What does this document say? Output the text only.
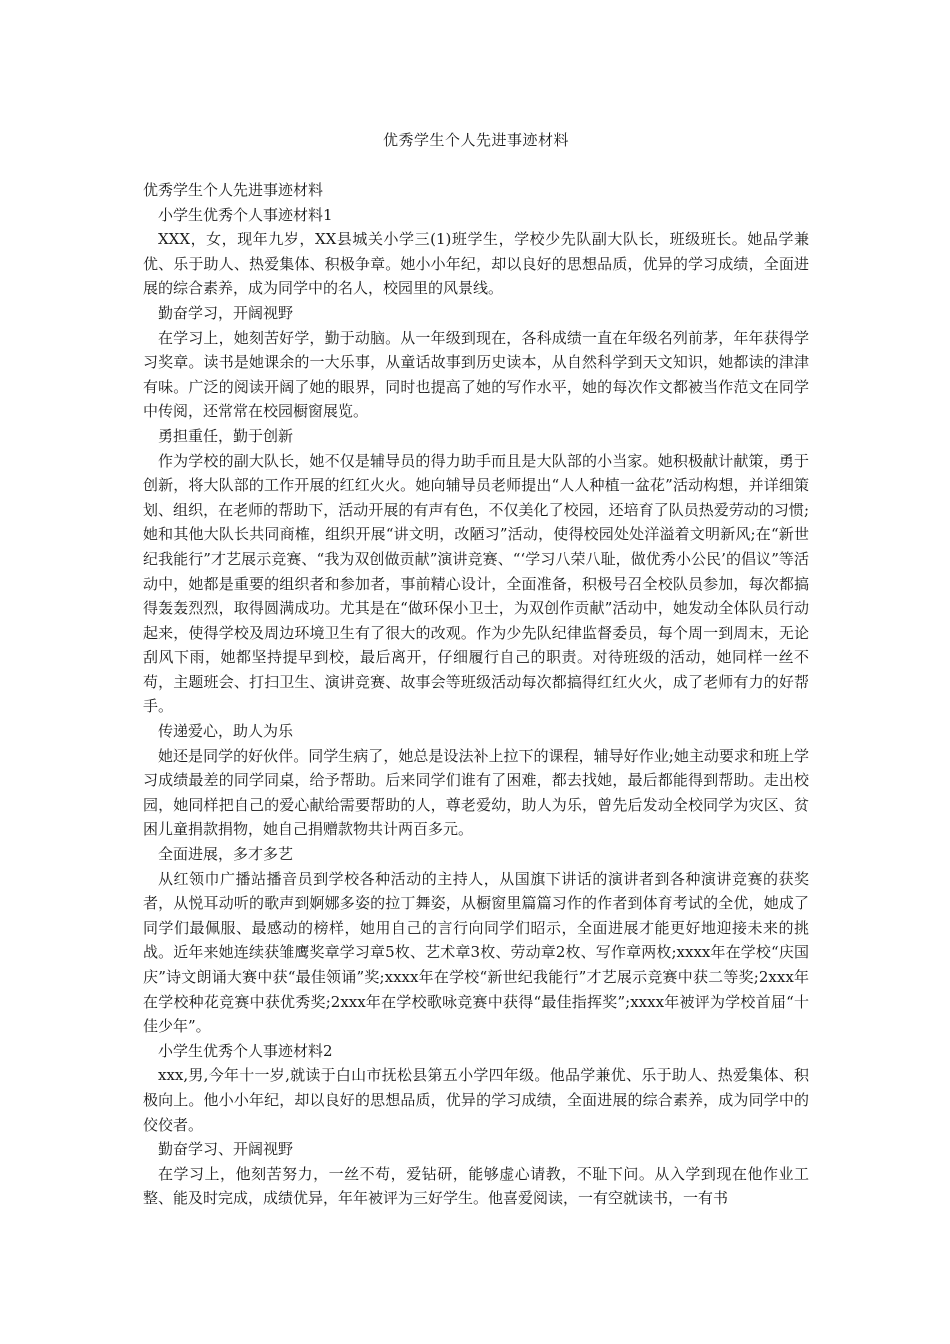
优秀学生个人先进事迹材料

优秀学生个人先进事迹材料

小学生优秀个人事迹材料1

XXX，女，现年九岁，XX县城关小学三(1)班学生，学校少先队副大队长，班级班长。她品学兼优、乐于助人、热爱集体、积极争章。她小小年纪，却以良好的思想品质，优异的学习成绩，全面进展的综合素养，成为同学中的名人，校园里的风景线。

勤奋学习，开阔视野

在学习上，她刻苦好学，勤于动脑。从一年级到现在，各科成绩一直在年级名列前茅，年年获得学习奖章。读书是她课余的一大乐事，从童话故事到历史读本，从自然科学到天文知识，她都读的津津有味。广泛的阅读开阔了她的眼界，同时也提高了她的写作水平，她的每次作文都被当作范文在同学中传阅，还常常在校园橱窗展览。

勇担重任，勤于创新

作为学校的副大队长，她不仅是辅导员的得力助手而且是大队部的小当家。她积极献计献策，勇于创新，将大队部的工作开展的红红火火。她向辅导员老师提出“人人种植一盆花”活动构想，并详细策划、组织，在老师的帮助下，活动开展的有声有色，不仅美化了校园，还培育了队员热爱劳动的习惯;她和其他大队长共同商榷，组织开展“讲文明，改陋习”活动，使得校园处处洋溢着文明新风;在“新世纪我能行”才艺展示竞赛、“我为双创做贡献”演讲竞赛、“‘学习八荣八耻，做优秀小公民’的倡议”等活动中，她都是重要的组织者和参加者，事前精心设计，全面准备，积极号召全校队员参加，每次都搞得轰轰烈烈，取得圆满成功。尤其是在“做环保小卫士，为双创作贡献”活动中，她发动全体队员行动起来，使得学校及周边环境卫生有了很大的改观。作为少先队纪律监督委员，每个周一到周末，无论刮风下雨，她都坚持提早到校，最后离开，仔细履行自己的职责。对待班级的活动，她同样一丝不苟，主题班会、打扫卫生、演讲竞赛、故事会等班级活动每次都搞得红红火火，成了老师有力的好帮手。

传递爱心，助人为乐

她还是同学的好伙伴。同学生病了，她总是设法补上拉下的课程，辅导好作业;她主动要求和班上学习成绩最差的同学同桌，给予帮助。后来同学们谁有了困难，都去找她，最后都能得到帮助。走出校园，她同样把自己的爱心献给需要帮助的人，尊老爱幼，助人为乐，曾先后发动全校同学为灾区、贫困儿童捐款捐物，她自己捐赠款物共计两百多元。

全面进展，多才多艺

从红领巾广播站播音员到学校各种活动的主持人，从国旗下讲话的演讲者到各种演讲竞赛的获奖者，从悦耳动听的歌声到婀娜多姿的拉丁舞姿，从橱窗里篇篇习作的作者到体育考试的全优，她成了同学们最佩服、最感动的榜样，她用自己的言行向同学们昭示，全面进展才能更好地迎接未来的挑战。近年来她连续获雏鹰奖章学习章5枚、艺术章3枚、劳动章2枚、写作章两枚;xxxx年在学校“庆国庆”诗文朗诵大赛中获“最佳领诵”奖;xxxx年在学校“新世纪我能行”才艺展示竞赛中获二等奖;2xxx年在学校种花竞赛中获优秀奖;2xxx年在学校歌咏竞赛中获得“最佳指挥奖”;xxxx年被评为学校首届“十佳少年”。

小学生优秀个人事迹材料2

xxx,男,今年十一岁,就读于白山市抚松县第五小学四年级。他品学兼优、乐于助人、热爱集体、积极向上。他小小年纪，却以良好的思想品质，优异的学习成绩，全面进展的综合素养，成为同学中的佼佼者。

勤奋学习、开阔视野

在学习上，他刻苦努力，一丝不苟，爱钻研，能够虚心请教，不耻下问。从入学到现在他作业工整、能及时完成，成绩优异，年年被评为三好学生。他喜爱阅读，一有空就读书，一有书
